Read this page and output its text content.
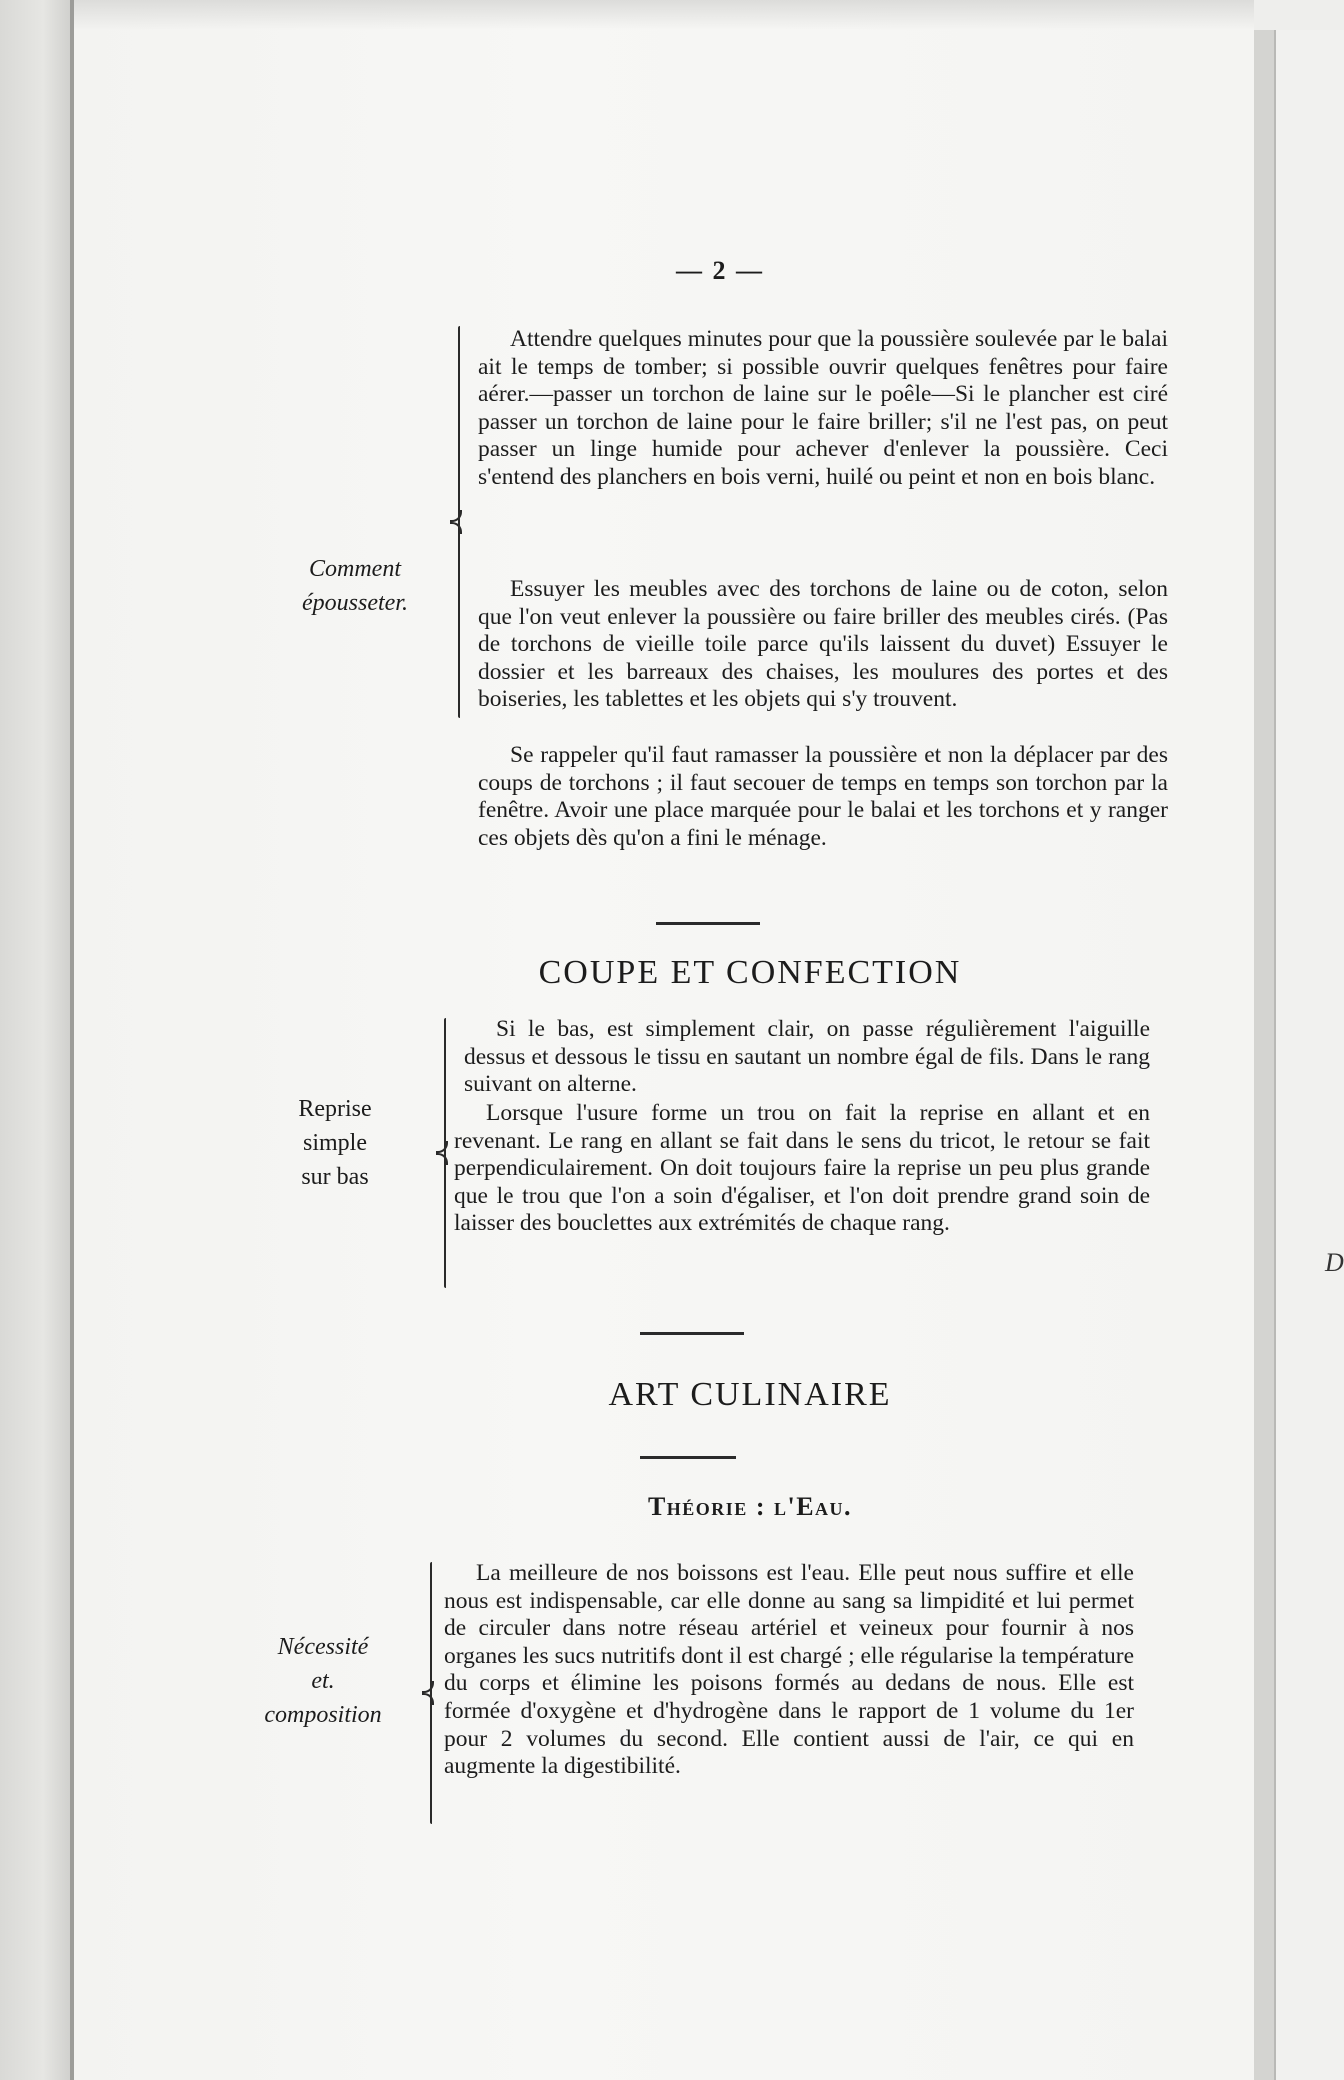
D
— 2 —
Comment
épousseter.

Attendre quelques minutes pour que la poussière soulevée par le balai ait le temps de tomber; si possible ouvrir quelques fenêtres pour faire aérer.—passer un torchon de laine sur le poêle—Si le plancher est ciré passer un torchon de laine pour le faire briller; s'il ne l'est pas, on peut passer un linge humide pour achever d'enlever la poussière. Ceci s'entend des planchers en bois verni, huilé ou peint et non en bois blanc.

Essuyer les meubles avec des torchons de laine ou de coton, selon que l'on veut enlever la poussière ou faire briller des meubles cirés. (Pas de torchons de vieille toile parce qu'ils laissent du duvet) Essuyer le dossier et les barreaux des chaises, les moulures des portes et des boiseries, les tablettes et les objets qui s'y trouvent.

Se rappeler qu'il faut ramasser la poussière et non la déplacer par des coups de torchons ; il faut secouer de temps en temps son torchon par la fenêtre. Avoir une place marquée pour le balai et les torchons et y ranger ces objets dès qu'on a fini le ménage.

COUPE ET CONFECTION
Reprise
simple
sur bas

Si le bas, est simplement clair, on passe régulièrement l'aiguille dessus et dessous le tissu en sautant un nombre égal de fils. Dans le rang suivant on alterne.

Lorsque l'usure forme un trou on fait la reprise en allant et en revenant. Le rang en allant se fait dans le sens du tricot, le retour se fait perpendiculairement. On doit toujours faire la reprise un peu plus grande que le trou que l'on a soin d'égaliser, et l'on doit prendre grand soin de laisser des bouclettes aux extrémités de chaque rang.

ART CULINAIRE
Théorie : l'Eau.
Nécessité
et.
composition

La meilleure de nos boissons est l'eau. Elle peut nous suffire et elle nous est indispensable, car elle donne au sang sa limpidité et lui permet de circuler dans notre réseau artériel et veineux pour fournir à nos organes les sucs nutritifs dont il est chargé ; elle régularise la température du corps et élimine les poisons formés au dedans de nous. Elle est formée d'oxygène et d'hydrogène dans le rapport de 1 volume du 1er pour 2 volumes du second. Elle contient aussi de l'air, ce qui en augmente la digestibilité.
